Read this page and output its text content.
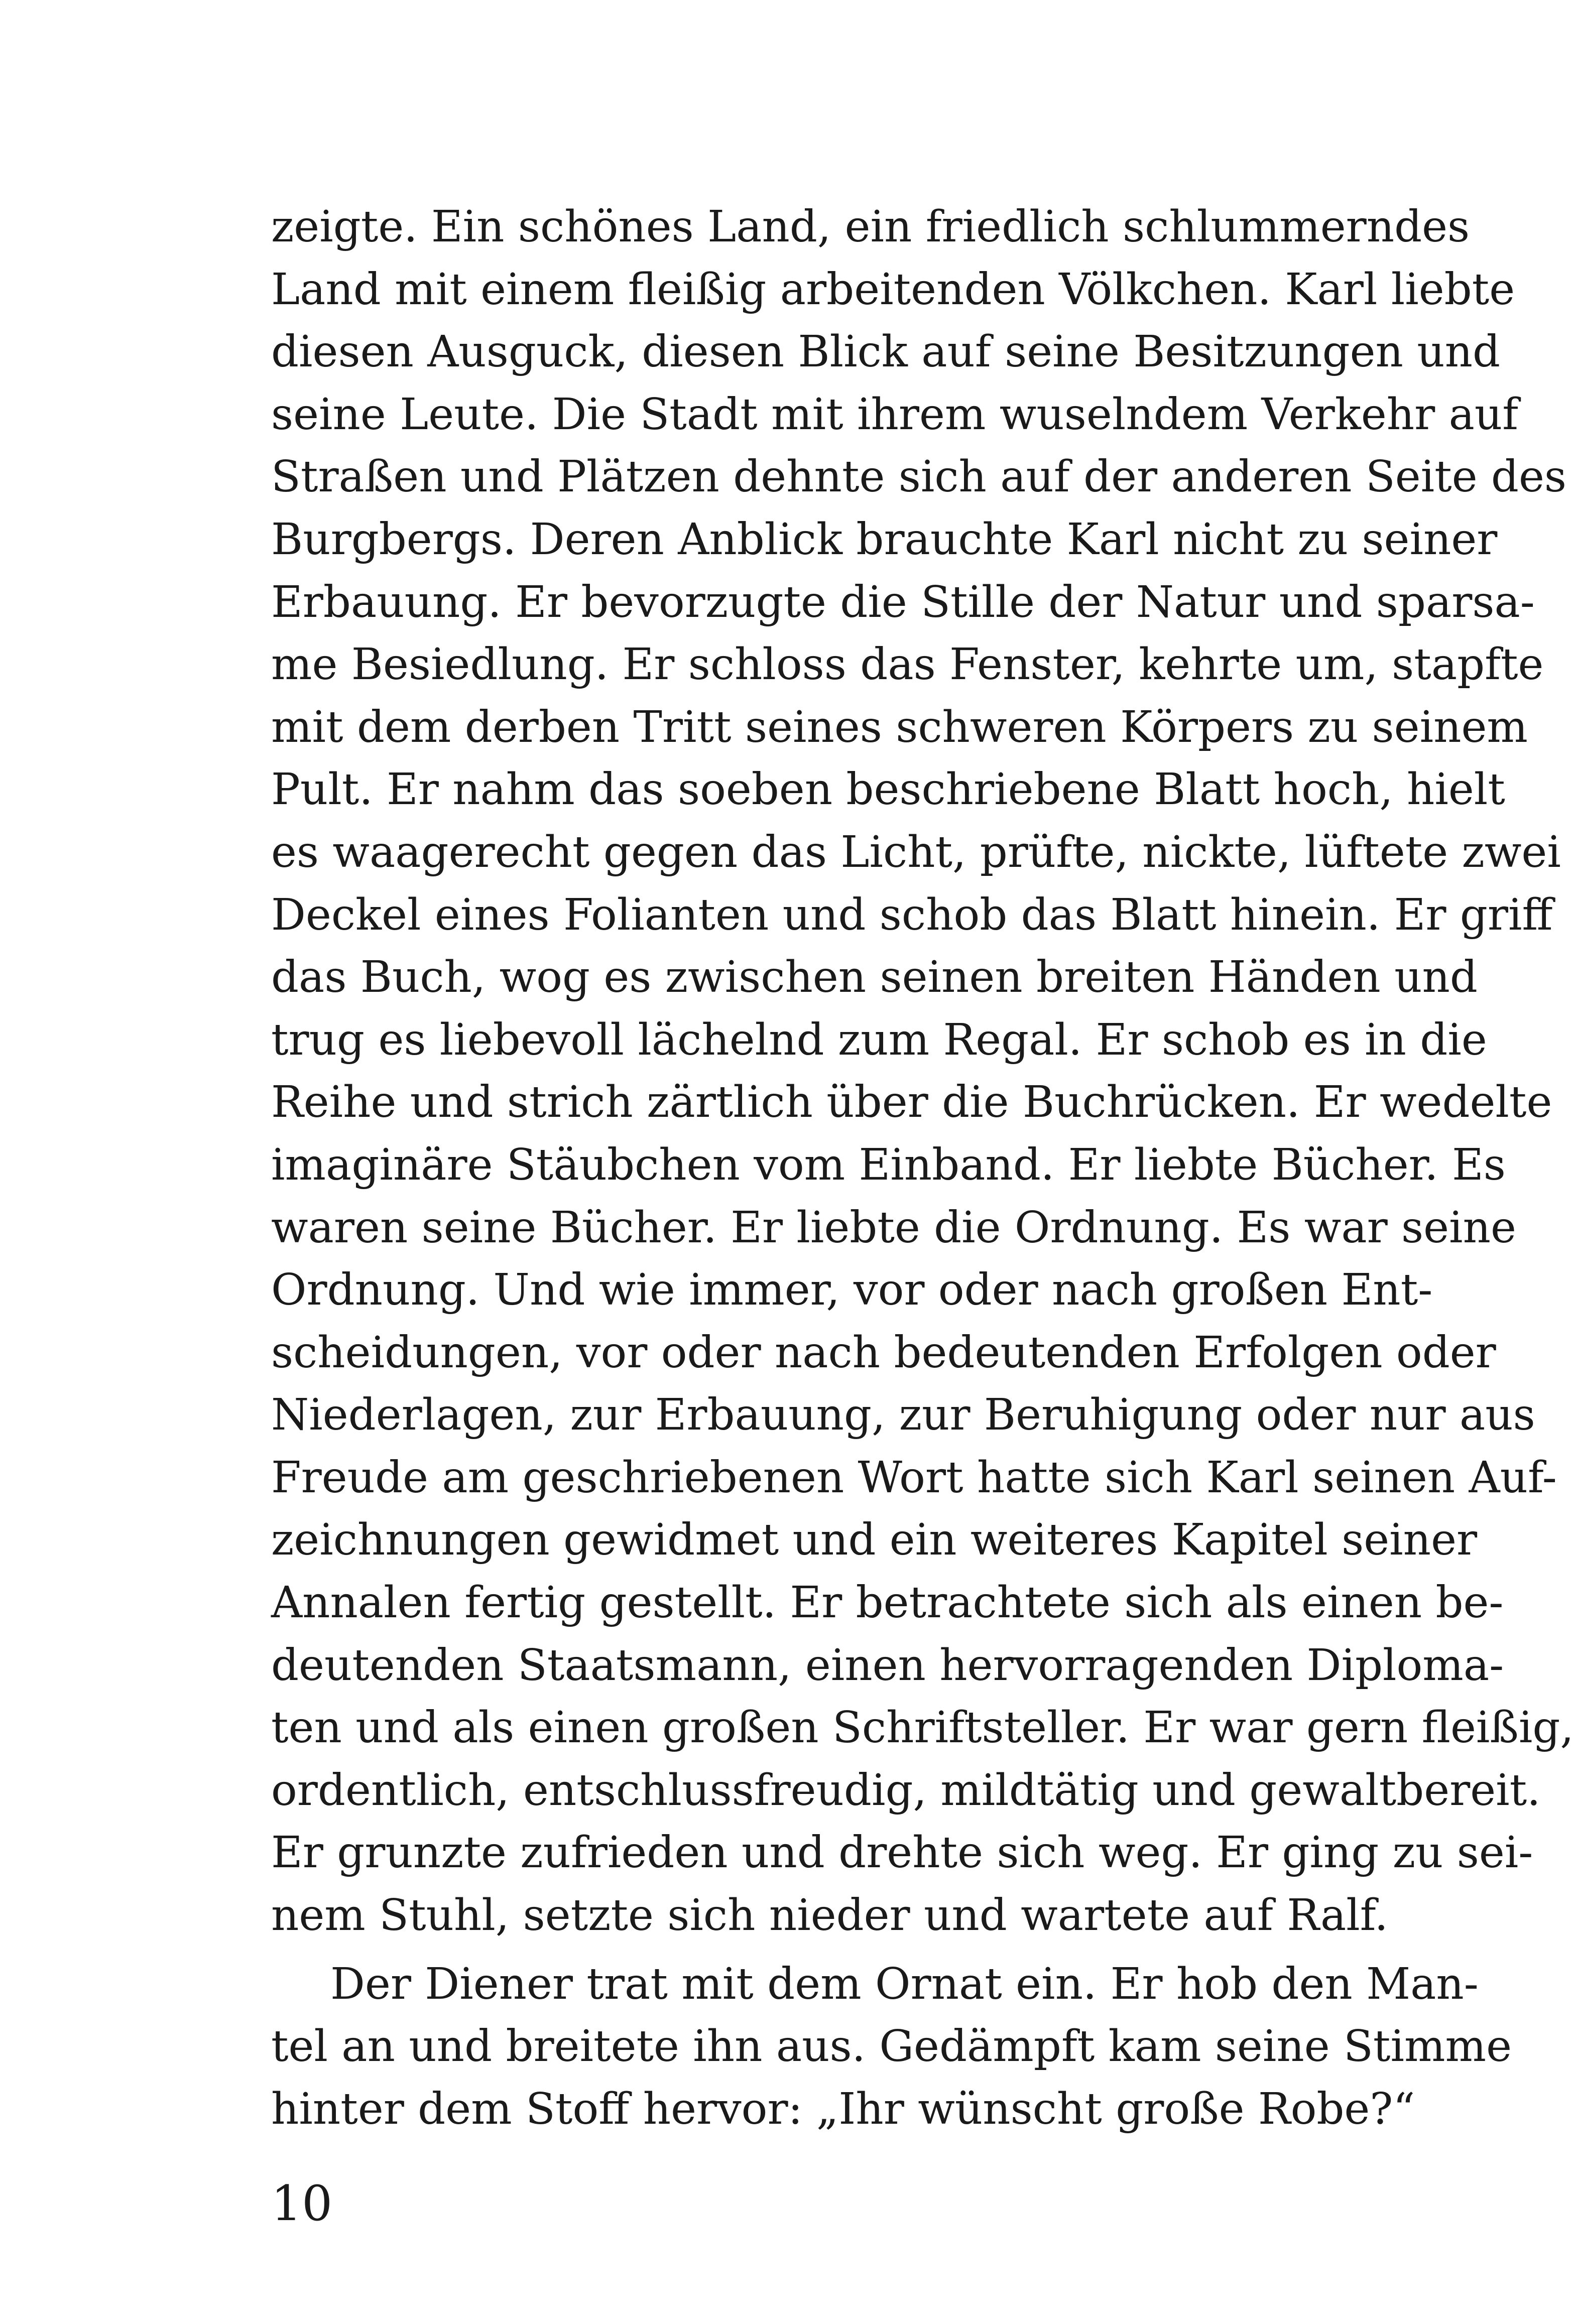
zeigte. Ein schönes Land, ein friedlich schlummerndes
Land mit einem fleißig arbeitenden Völkchen. Karl liebte
diesen Ausguck, diesen Blick auf seine Besitzungen und
seine Leute. Die Stadt mit ihrem wuselndem Verkehr auf
Straßen und Plätzen dehnte sich auf der anderen Seite des
Burgbergs. Deren Anblick brauchte Karl nicht zu seiner
Erbauung. Er bevorzugte die Stille der Natur und sparsa-
me Besiedlung. Er schloss das Fenster, kehrte um, stapfte
mit dem derben Tritt seines schweren Körpers zu seinem
Pult. Er nahm das soeben beschriebene Blatt hoch, hielt
es waagerecht gegen das Licht, prüfte, nickte, lüftete zwei
Deckel eines Folianten und schob das Blatt hinein. Er griff
das Buch, wog es zwischen seinen breiten Händen und
trug es liebevoll lächelnd zum Regal. Er schob es in die
Reihe und strich zärtlich über die Buchrücken. Er wedelte
imaginäre Stäubchen vom Einband. Er liebte Bücher. Es
waren seine Bücher. Er liebte die Ordnung. Es war seine
Ordnung. Und wie immer, vor oder nach großen Ent-
scheidungen, vor oder nach bedeutenden Erfolgen oder
Niederlagen, zur Erbauung, zur Beruhigung oder nur aus
Freude am geschriebenen Wort hatte sich Karl seinen Auf-
zeichnungen gewidmet und ein weiteres Kapitel seiner
Annalen fertig gestellt. Er betrachtete sich als einen be-
deutenden Staatsmann, einen hervorragenden Diploma-
ten und als einen großen Schriftsteller. Er war gern fleißig,
ordentlich, entschlussfreudig, mildtätig und gewaltbereit.
Er grunzte zufrieden und drehte sich weg. Er ging zu sei-
nem Stuhl, setzte sich nieder und wartete auf Ralf.
Der Diener trat mit dem Ornat ein. Er hob den Man-
tel an und breitete ihn aus. Gedämpft kam seine Stimme
hinter dem Stoff hervor: „Ihr wünscht große Robe?“
10
